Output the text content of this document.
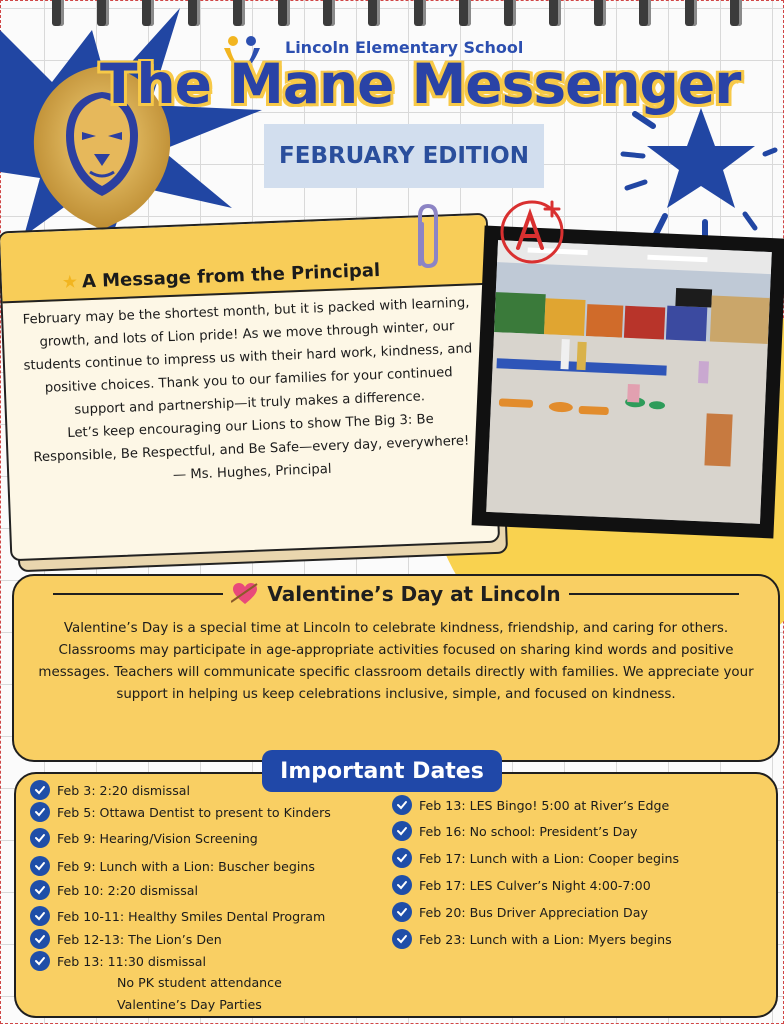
Lincoln Elementary School
The Mane Messenger
FEBRUARY EDITION
★ A Message from the Principal

February may be the shortest month, but it is packed with learning, growth, and lots of Lion pride! As we move through winter, our students continue to impress us with their hard work, kindness, and positive choices. Thank you to our families for your continued support and partnership—it truly makes a difference.

Let’s keep encouraging our Lions to show The Big 3: Be Responsible, Be Respectful, and Be Safe—every day, everywhere!

— Ms. Hughes, Principal

Valentine’s Day at Lincoln
Valentine’s Day is a special time at Lincoln to celebrate kindness, friendship, and caring for others. Classrooms may participate in age-appropriate activities focused on sharing kind words and positive messages. Teachers will communicate specific classroom details directly with families. We appreciate your support in helping us keep celebrations inclusive, simple, and focused on kindness.
Important Dates
Feb 3: 2:20 dismissal
Feb 5: Ottawa Dentist to present to Kinders
Feb 9: Hearing/Vision Screening
Feb 9: Lunch with a Lion: Buscher begins
Feb 10: 2:20 dismissal
Feb 10-11: Healthy Smiles Dental Program
Feb 12-13: The Lion’s Den
Feb 13: 11:30 dismissal
Feb 13: LES Bingo! 5:00 at River’s Edge
Feb 16: No school: President’s Day
Feb 17: Lunch with a Lion: Cooper begins
Feb 17: LES Culver’s Night 4:00-7:00
Feb 20: Bus Driver Appreciation Day
Feb 23: Lunch with a Lion: Myers begins
No PK student attendance
Valentine’s Day Parties
